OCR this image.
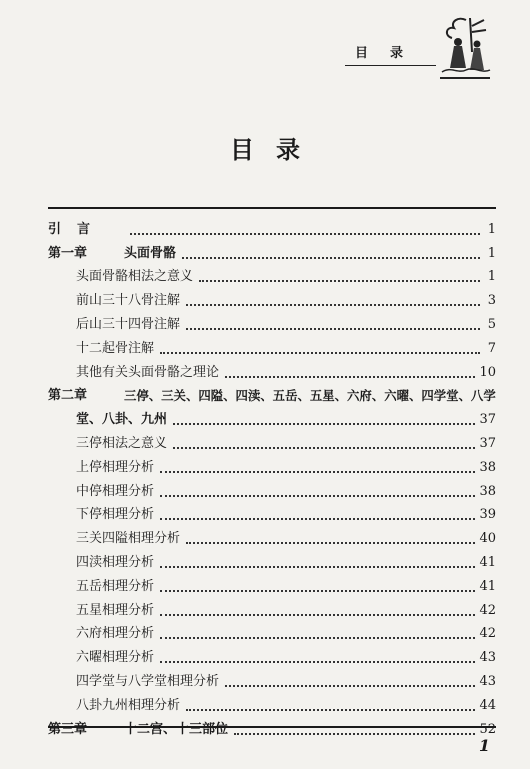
目录
目录
引言	1
第一章	头面骨骼	1
头面骨骼相法之意义	1
前山三十八骨注解	3
后山三十四骨注解	5
十二起骨注解	7
其他有关头面骨骼之理论	10
第二章	三停、三关、四隘、四渎、五岳、五星、六府、六曜、四学堂、八学
堂、八卦、九州	37
三停相法之意义	37
上停相理分析	38
中停相理分析	38
下停相理分析	39
三关四隘相理分析	40
四渎相理分析	41
五岳相理分析	41
五星相理分析	42
六府相理分析	42
六曜相理分析	43
四学堂与八学堂相理分析	43
八卦九州相理分析	44
第三章	十二宫、十三部位	52
1
